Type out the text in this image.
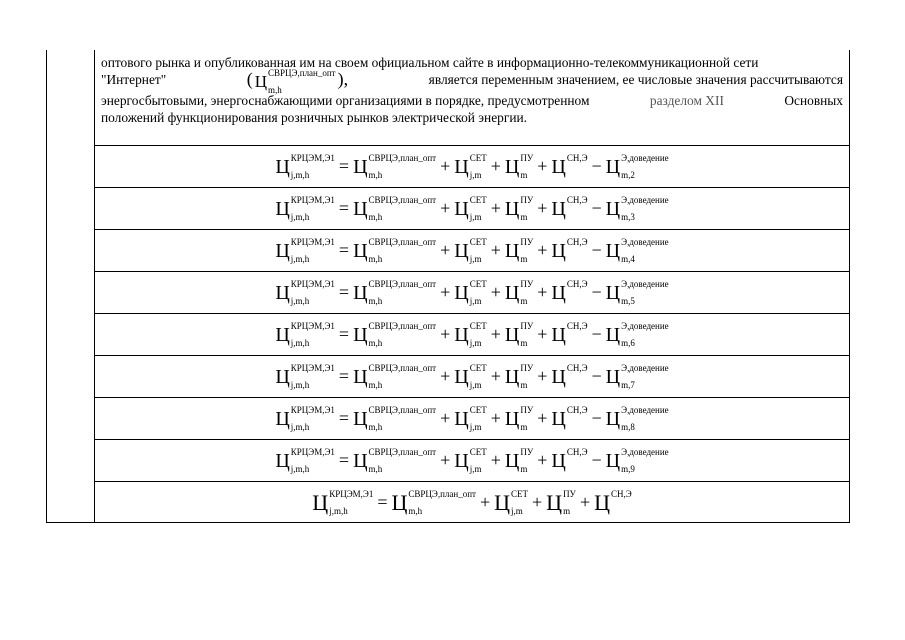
оптового рынка и опубликованная им на своем официальном сайте в информационно-телекоммуникационной сети
"Интернет"	( Ц СВРЦЭ,план_опт
m,h
),	является переменным значением, ее числовые значения рассчитываются
энергосбытовыми, энергоснабжающими организациями в порядке, предусмотренном	разделом XII	Основных
положений функционирования розничных рынков электрической энергии.
Ц КРЦЭМ,Э1
j,m,h	= Ц СВРЦЭ,план_опт
m,h	+ Ц СЕТ
j,m + Ц ПУ
m + Ц СН,Э
− Ц Э,доведение
m,2
Ц КРЦЭМ,Э1
j,m,h	= Ц СВРЦЭ,план_опт
m,h	+ Ц СЕТ
j,m + Ц ПУ
m + Ц СН,Э
− Ц Э,доведение
m,3
Ц КРЦЭМ,Э1
j,m,h	= Ц СВРЦЭ,план_опт
m,h	+ Ц СЕТ
j,m + Ц ПУ
m + Ц СН,Э
− Ц Э,доведение
m,4
Ц КРЦЭМ,Э1
j,m,h	= Ц СВРЦЭ,план_опт
m,h	+ Ц СЕТ
j,m + Ц ПУ
m + Ц СН,Э
− Ц Э,доведение
m,5
Ц КРЦЭМ,Э1
j,m,h	= Ц СВРЦЭ,план_опт
m,h	+ Ц СЕТ
j,m + Ц ПУ
m + Ц СН,Э
− Ц Э,доведение
m,6
Ц КРЦЭМ,Э1
j,m,h	= Ц СВРЦЭ,план_опт
m,h	+ Ц СЕТ
j,m + Ц ПУ
m + Ц СН,Э
− Ц Э,доведение
m,7
Ц КРЦЭМ,Э1
j,m,h	= Ц СВРЦЭ,план_опт
m,h	+ Ц СЕТ
j,m + Ц ПУ
m + Ц СН,Э
− Ц Э,доведение
m,8
Ц КРЦЭМ,Э1
j,m,h	= Ц СВРЦЭ,план_опт
m,h	+ Ц СЕТ
j,m + Ц ПУ
m + Ц СН,Э
− Ц Э,доведение
m,9
Ц КРЦЭМ,Э1
j,m,h	= Ц СВРЦЭ,план_опт
m,h	+ Ц СЕТ
j,m + Ц ПУ
m + Ц СН,Э
